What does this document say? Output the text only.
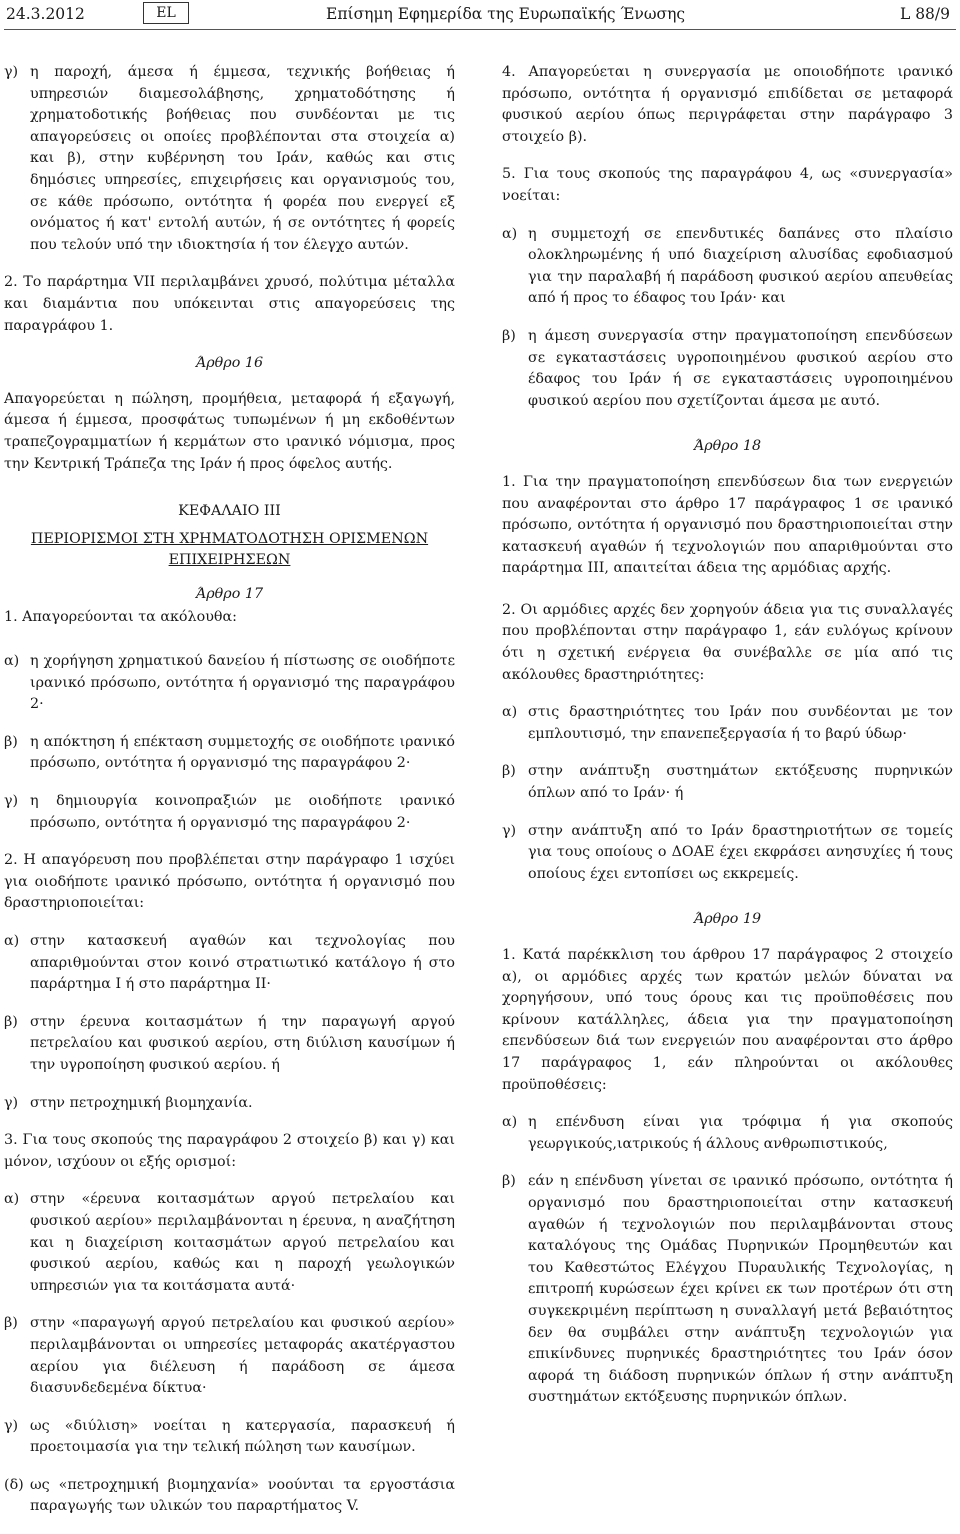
24.3.2012	EL	Επίσημη Εφημερίδα της Ευρωπαϊκής Ένωσης	L 88/9
γ) η παροχή, άμεσα ή έμμεσα, τεχνικής βοήθειας ή υπηρεσιών διαμεσολάβησης, χρηματοδότησης ή χρηματοδοτικής βοήθειας που συνδέονται με τις απαγορεύσεις οι οποίες προβλέπονται στα στοιχεία α) και β), στην κυβέρνηση του Ιράν, καθώς και στις δημόσιες υπηρεσίες, επιχειρήσεις και οργανισμούς του, σε κάθε πρόσωπο, οντότητα ή φορέα που ενεργεί εξ ονόματος ή κατ' εντολή αυτών, ή σε οντότητες ή φορείς που τελούν υπό την ιδιοκτησία ή τον έλεγχο αυτών.

2. Το παράρτημα VII περιλαμβάνει χρυσό, πολύτιμα μέταλλα και διαμάντια που υπόκεινται στις απαγορεύσεις της παραγράφου 1.

Άρθρο 16

Απαγορεύεται η πώληση, προμήθεια, μεταφορά ή εξαγωγή, άμεσα ή έμμεσα, προσφάτως τυπωμένων ή μη εκδοθέντων τραπεζογραμματίων ή κερμάτων στο ιρανικό νόμισμα, προς την Κεντρική Τράπεζα της Ιράν ή προς όφελος αυτής.

ΚΕΦΑΛΑΙΟ III
ΠΕΡΙΟΡΙΣΜΟΙ ΣΤΗ ΧΡΗΜΑΤΟΔΟΤΗΣΗ ΟΡΙΣΜΕΝΩΝ ΕΠΙΧΕΙΡΗΣΕΩΝ
Άρθρο 17

1. Απαγορεύονται τα ακόλουθα:

α) η χορήγηση χρηματικού δανείου ή πίστωσης σε οιοδήποτε ιρανικό πρόσωπο, οντότητα ή οργανισμό της παραγράφου 2·
β) η απόκτηση ή επέκταση συμμετοχής σε οιοδήποτε ιρανικό πρόσωπο, οντότητα ή οργανισμό της παραγράφου 2·
γ) η δημιουργία κοινοπραξιών με οιοδήποτε ιρανικό πρόσωπο, οντότητα ή οργανισμό της παραγράφου 2·

2. Η απαγόρευση που προβλέπεται στην παράγραφο 1 ισχύει για οιοδήποτε ιρανικό πρόσωπο, οντότητα ή οργανισμό που δραστηριοποιείται:

α) στην κατασκευή αγαθών και τεχνολογίας που απαριθμούνται στον κοινό στρατιωτικό κατάλογο ή στο παράρτημα I ή στο παράρτημα II·
β) στην έρευνα κοιτασμάτων ή την παραγωγή αργού πετρελαίου και φυσικού αερίου, στη διύλιση καυσίμων ή την υγροποίηση φυσικού αερίου. ή
γ) στην πετροχημική βιομηχανία.

3. Για τους σκοπούς της παραγράφου 2 στοιχείο β) και γ) και μόνον, ισχύουν οι εξής ορισμοί:

α) στην «έρευνα κοιτασμάτων αργού πετρελαίου και φυσικού αερίου» περιλαμβάνονται η έρευνα, η αναζήτηση και η διαχείριση κοιτασμάτων αργού πετρελαίου και φυσικού αερίου, καθώς και η παροχή γεωλογικών υπηρεσιών για τα κοιτάσματα αυτά·
β) στην «παραγωγή αργού πετρελαίου και φυσικού αερίου» περιλαμβάνονται οι υπηρεσίες μεταφοράς ακατέργαστου αερίου για διέλευση ή παράδοση σε άμεσα διασυνδεδεμένα δίκτυα·
γ) ως «διύλιση» νοείται η κατεργασία, παρασκευή ή προετοιμασία για την τελική πώληση των καυσίμων.
(δ) ως «πετροχημική βιομηχανία» νοούνται τα εργοστάσια παραγωγής των υλικών του παραρτήματος V.

4. Απαγορεύεται η συνεργασία με οποιοδήποτε ιρανικό πρόσωπο, οντότητα ή οργανισμό επιδίδεται σε μεταφορά φυσικού αερίου όπως περιγράφεται στην παράγραφο 3 στοιχείο β).

5. Για τους σκοπούς της παραγράφου 4, ως «συνεργασία» νοείται:

α) η συμμετοχή σε επενδυτικές δαπάνες στο πλαίσιο ολοκληρωμένης ή υπό διαχείριση αλυσίδας εφοδιασμού για την παραλαβή ή παράδοση φυσικού αερίου απευθείας από ή προς το έδαφος του Ιράν· και
β) η άμεση συνεργασία στην πραγματοποίηση επενδύσεων σε εγκαταστάσεις υγροποιημένου φυσικού αερίου στο έδαφος του Ιράν ή σε εγκαταστάσεις υγροποιημένου φυσικού αερίου που σχετίζονται άμεσα με αυτό.
Άρθρο 18

1. Για την πραγματοποίηση επενδύσεων δια των ενεργειών που αναφέρονται στο άρθρο 17 παράγραφος 1 σε ιρανικό πρόσωπο, οντότητα ή οργανισμό που δραστηριοποιείται στην κατασκευή αγαθών ή τεχνολογιών που απαριθμούνται στο παράρτημα III, απαιτείται άδεια της αρμόδιας αρχής.

2. Οι αρμόδιες αρχές δεν χορηγούν άδεια για τις συναλλαγές που προβλέπονται στην παράγραφο 1, εάν ευλόγως κρίνουν ότι η σχετική ενέργεια θα συνέβαλλε σε μία από τις ακόλουθες δραστηριότητες:

α) στις δραστηριότητες του Ιράν που συνδέονται με τον εμπλουτισμό, την επανεπεξεργασία ή το βαρύ ύδωρ·
β) στην ανάπτυξη συστημάτων εκτόξευσης πυρηνικών όπλων από το Ιράν· ή
γ) στην ανάπτυξη από το Ιράν δραστηριοτήτων σε τομείς για τους οποίους ο ΔΟΑΕ έχει εκφράσει ανησυχίες ή τους οποίους έχει εντοπίσει ως εκκρεμείς.
Άρθρο 19

1. Κατά παρέκκλιση του άρθρου 17 παράγραφος 2 στοιχείο α), οι αρμόδιες αρχές των κρατών μελών δύναται να χορηγήσουν, υπό τους όρους και τις προϋποθέσεις που κρίνουν κατάλληλες, άδεια για την πραγματοποίηση επενδύσεων διά των ενεργειών που αναφέρονται στο άρθρο 17 παράγραφος 1, εάν πληρούνται οι ακόλουθες προϋποθέσεις:

α) η επένδυση είναι για τρόφιμα ή για σκοπούς γεωργικούς,ιατρικούς ή άλλους ανθρωπιστικούς,
β) εάν η επένδυση γίνεται σε ιρανικό πρόσωπο, οντότητα ή οργανισμό που δραστηριοποιείται στην κατασκευή αγαθών ή τεχνολογιών που περιλαμβάνονται στους καταλόγους της Ομάδας Πυρηνικών Προμηθευτών και του Καθεστώτος Ελέγχου Πυραυλικής Τεχνολογίας, η επιτροπή κυρώσεων έχει κρίνει εκ των προτέρων ότι στη συγκεκριμένη περίπτωση η συναλλαγή μετά βεβαιότητος δεν θα συμβάλει στην ανάπτυξη τεχνολογιών για επικίνδυνες πυρηνικές δραστηριότητες του Ιράν όσον αφορά τη διάδοση πυρηνικών όπλων ή στην ανάπτυξη συστημάτων εκτόξευσης πυρηνικών όπλων.
